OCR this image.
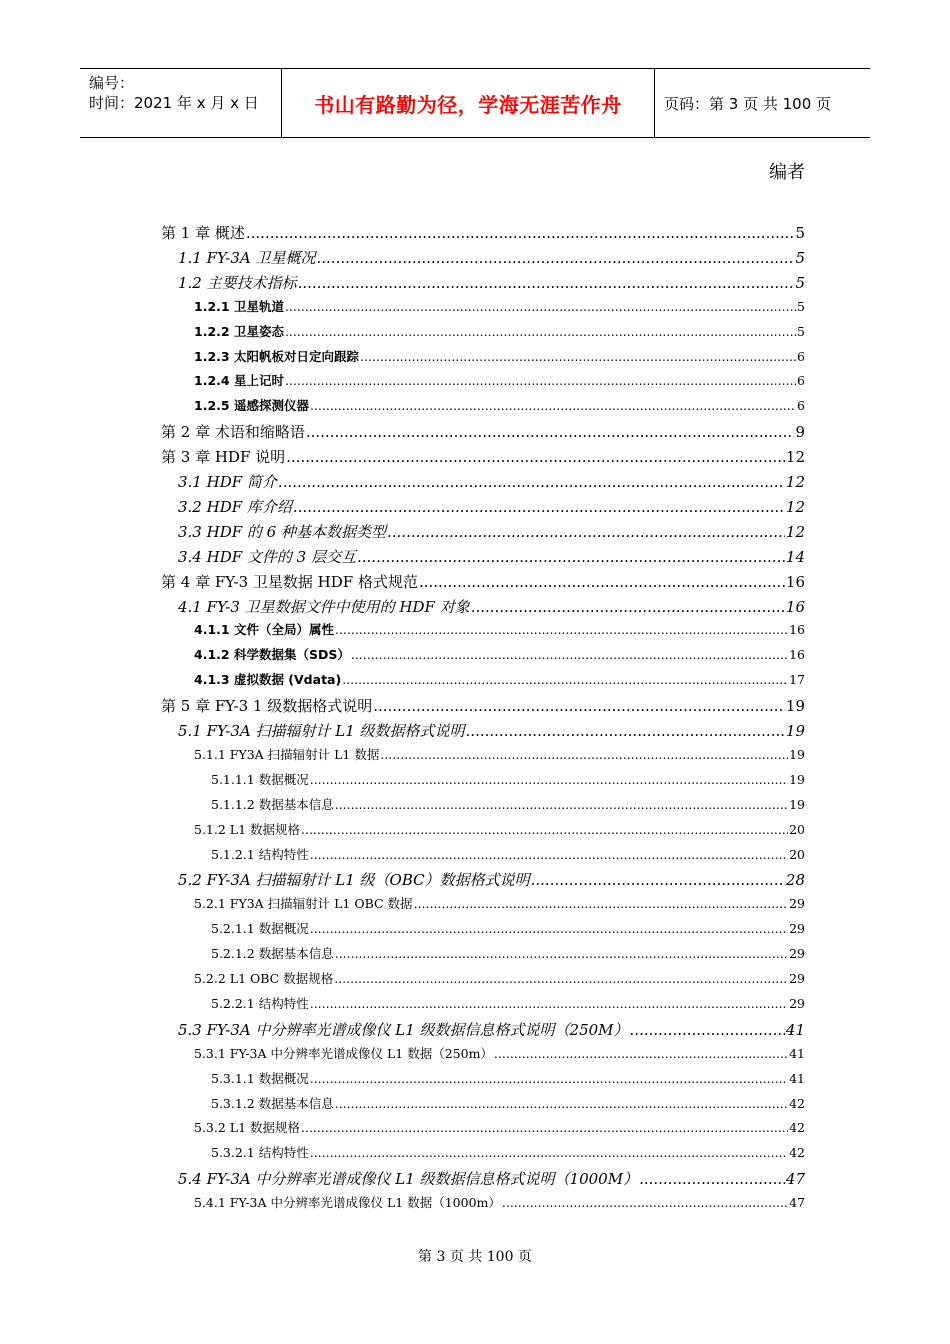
编号：
时间：2021 年 x 月 x 日	书山有路勤为径，学海无涯苦作舟	页码：第 3 页 共 100 页
编者
第 1 章 概述 .....	5
1.1 FY-3A 卫星概况 .....	5
1.2 主要技术指标 .....	5
1.2.1 卫星轨道 .....	5
1.2.2 卫星姿态 .....	5
1.2.3 太阳帆板对日定向跟踪 .....	6
1.2.4 星上记时 .....	6
1.2.5 遥感探测仪器 .....	6
第 2 章 术语和缩略语 .....	9
第 3 章 HDF 说明 .....	12
3.1 HDF 简介 .....	12
3.2 HDF 库介绍 .....	12
3.3 HDF 的 6 种基本数据类型 .....	12
3.4 HDF 文件的 3 层交互 .....	14
第 4 章 FY-3 卫星数据 HDF 格式规范 .....	16
4.1 FY-3 卫星数据文件中使用的 HDF 对象 .....	16
4.1.1 文件（全局）属性 .....	16
4.1.2 科学数据集（SDS） .....	16
4.1.3 虚拟数据 (Vdata) .....	17
第 5 章 FY-3 1 级数据格式说明 .....	19
5.1 FY-3A 扫描辐射计 L1 级数据格式说明 .....	19
5.1.1 FY3A 扫描辐射计 L1 数据 .....	19
5.1.1.1 数据概况 .....	19
5.1.1.2 数据基本信息 .....	19
5.1.2 L1 数据规格 .....	20
5.1.2.1 结构特性 .....	20
5.2 FY-3A 扫描辐射计 L1 级（OBC）数据格式说明 .....	28
5.2.1 FY3A 扫描辐射计 L1 OBC 数据 .....	29
5.2.1.1 数据概况 .....	29
5.2.1.2 数据基本信息 .....	29
5.2.2 L1 OBC 数据规格 .....	29
5.2.2.1 结构特性 .....	29
5.3 FY-3A 中分辨率光谱成像仪 L1 级数据信息格式说明（250M） .....	41
5.3.1 FY-3A 中分辨率光谱成像仪 L1 数据（250m） .....	41
5.3.1.1 数据概况 .....	41
5.3.1.2 数据基本信息 .....	42
5.3.2 L1 数据规格 .....	42
5.3.2.1 结构特性 .....	42
5.4 FY-3A 中分辨率光谱成像仪 L1 级数据信息格式说明（1000M） .....	47
5.4.1 FY-3A 中分辨率光谱成像仪 L1 数据（1000m） .....	47
第 3 页 共 100 页
